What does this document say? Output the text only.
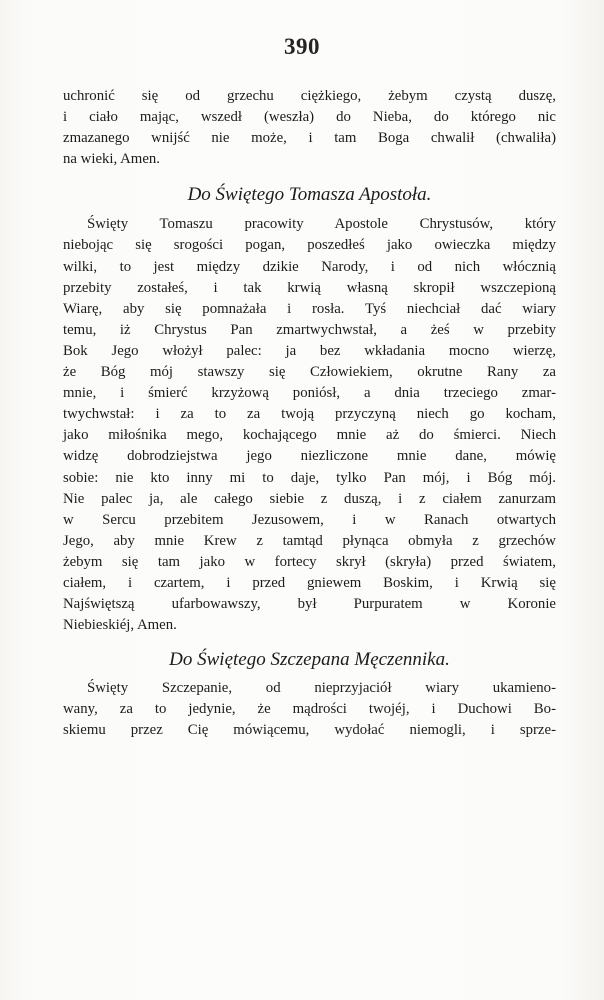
390
uchronić się od grzechu ciężkiego, żebym czystą duszę,
i ciało mając, wszedł (weszła) do Nieba, do którego nic
zmazanego wnijść nie może, i tam Boga chwalił (chwaliła)
na wieki, Amen.
Do Świętego Tomasza Apostoła.
Święty Tomaszu pracowity Apostole Chrystusów, który
niebojąc się srogości pogan, poszedłeś jako owieczka między
wilki, to jest między dzikie Narody, i od nich włócznią
przebity zostałeś, i tak krwią własną skropił wszczepioną
Wiarę, aby się pomnażała i rosła. Tyś niechciał dać wiary
temu, iż Chrystus Pan zmartwychwstał, a żeś w przebity
Bok Jego włożył palec: ja bez wkładania mocno wierzę,
że Bóg mój stawszy się Człowiekiem, okrutne Rany za
mnie, i śmierć krzyżową poniósł, a dnia trzeciego zmar-
twychwstał: i za to za twoją przyczyną niech go kocham,
jako miłośnika mego, kochającego mnie aż do śmierci. Niech
widzę dobrodziejstwa jego niezliczone mnie dane, mówię
sobie: nie kto inny mi to daje, tylko Pan mój, i Bóg mój.
Nie palec ja, ale całego siebie z duszą, i z ciałem zanurzam
w Sercu przebitem Jezusowem, i w Ranach otwartych
Jego, aby mnie Krew z tamtąd płynąca obmyła z grzechów
żebym się tam jako w fortecy skrył (skryła) przed światem,
ciałem, i czartem, i przed gniewem Boskim, i Krwią się
Najświętszą ufarbowawszy, był Purpuratem w Koronie
Niebieskiéj, Amen.
Do Świętego Szczepana Męczennika.
Święty Szczepanie, od nieprzyjaciół wiary ukamieno-
wany, za to jedynie, że mądrości twojéj, i Duchowi Bo-
skiemu przez Cię mówiącemu, wydołać niemogli, i sprze-
